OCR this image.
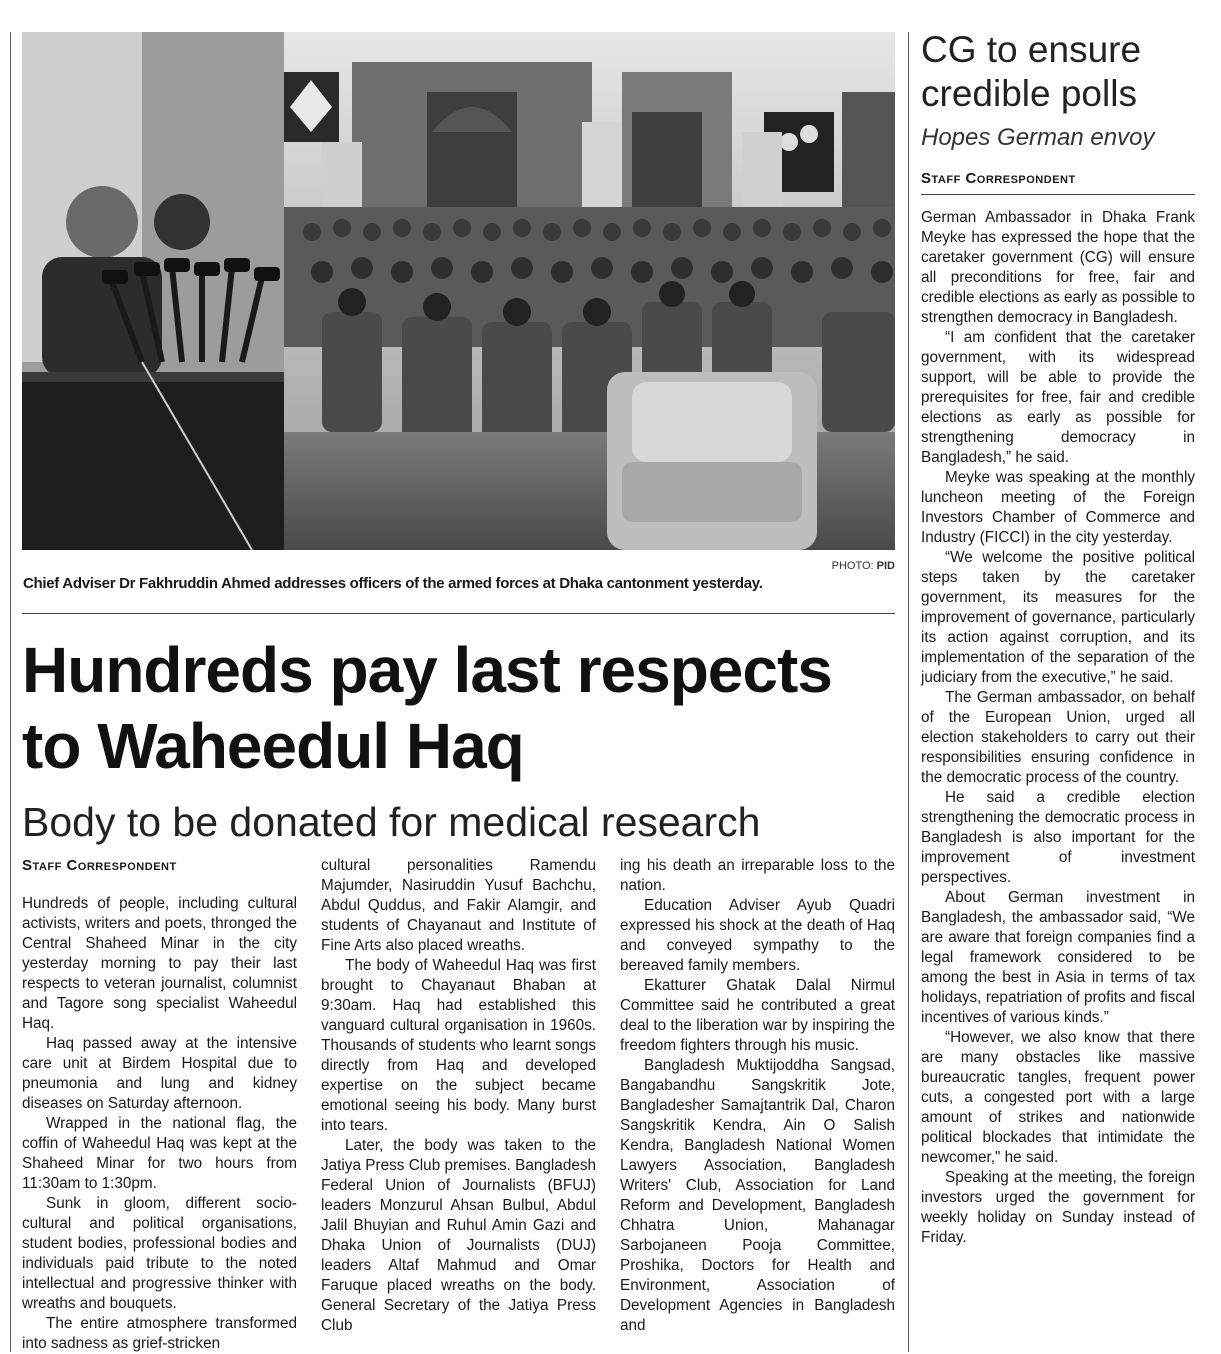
PHOTO: PID
Chief Adviser Dr Fakhruddin Ahmed addresses officers of the armed forces at Dhaka cantonment yesterday.
Hundreds pay last respects to Waheedul Haq
Body to be donated for medical research
Staff Correspondent

Hundreds of people, including cultural activists, writers and poets, thronged the Central Shaheed Minar in the city yesterday morning to pay their last respects to veteran journalist, columnist and Tagore song specialist Waheedul Haq.

Haq passed away at the intensive care unit at Birdem Hospital due to pneumonia and lung and kidney diseases on Saturday afternoon.

Wrapped in the national flag, the coffin of Waheedul Haq was kept at the Shaheed Minar for two hours from 11:30am to 1:30pm.

Sunk in gloom, different socio-cultural and political organisations, student bodies, professional bodies and individuals paid tribute to the noted intellectual and progressive thinker with wreaths and bouquets.

The entire atmosphere transformed into sadness as grief-stricken

cultural personalities Ramendu Majumder, Nasiruddin Yusuf Bachchu, Abdul Quddus, and Fakir Alamgir, and students of Chayanaut and Institute of Fine Arts also placed wreaths.

The body of Waheedul Haq was first brought to Chayanaut Bhaban at 9:30am. Haq had established this vanguard cultural organisation in 1960s. Thousands of students who learnt songs directly from Haq and developed expertise on the subject became emotional seeing his body. Many burst into tears.

Later, the body was taken to the Jatiya Press Club premises. Bangladesh Federal Union of Journalists (BFUJ) leaders Monzurul Ahsan Bulbul, Abdul Jalil Bhuyian and Ruhul Amin Gazi and Dhaka Union of Journalists (DUJ) leaders Altaf Mahmud and Omar Faruque placed wreaths on the body. General Secretary of the Jatiya Press Club

ing his death an irreparable loss to the nation.

Education Adviser Ayub Quadri expressed his shock at the death of Haq and conveyed sympathy to the bereaved family members.

Ekatturer Ghatak Dalal Nirmul Committee said he contributed a great deal to the liberation war by inspiring the freedom fighters through his music.

Bangladesh Muktijoddha Sangsad, Bangabandhu Sangskritik Jote, Bangladesher Samajtantrik Dal, Charon Sangskritik Kendra, Ain O Salish Kendra, Bangladesh National Women Lawyers Association, Bangladesh Writers' Club, Association for Land Reform and Development, Bangladesh Chhatra Union, Mahanagar Sarbojaneen Pooja Committee, Proshika, Doctors for Health and Environment, Association of Development Agencies in Bangladesh and

CG to ensure credible polls
Hopes German envoy
Staff Correspondent

German Ambassador in Dhaka Frank Meyke has expressed the hope that the caretaker government (CG) will ensure all preconditions for free, fair and credible elections as early as possible to strengthen democracy in Bangladesh.

“I am confident that the caretaker government, with its widespread support, will be able to provide the prerequisites for free, fair and credible elections as early as possible for strengthening democracy in Bangladesh,” he said.

Meyke was speaking at the monthly luncheon meeting of the Foreign Investors Chamber of Commerce and Industry (FICCI) in the city yesterday.

“We welcome the positive political steps taken by the caretaker government, its measures for the improvement of governance, particularly its action against corruption, and its implementation of the separation of the judiciary from the executive,” he said.

The German ambassador, on behalf of the European Union, urged all election stakeholders to carry out their responsibilities ensuring confidence in the democratic process of the country.

He said a credible election strengthening the democratic process in Bangladesh is also important for the improvement of investment perspectives.

About German investment in Bangladesh, the ambassador said, “We are aware that foreign companies find a legal framework considered to be among the best in Asia in terms of tax holidays, repatriation of profits and fiscal incentives of various kinds.”

“However, we also know that there are many obstacles like massive bureaucratic tangles, frequent power cuts, a congested port with a large amount of strikes and nationwide political blockades that intimidate the newcomer," he said.

Speaking at the meeting, the foreign investors urged the government for weekly holiday on Sunday instead of Friday.
